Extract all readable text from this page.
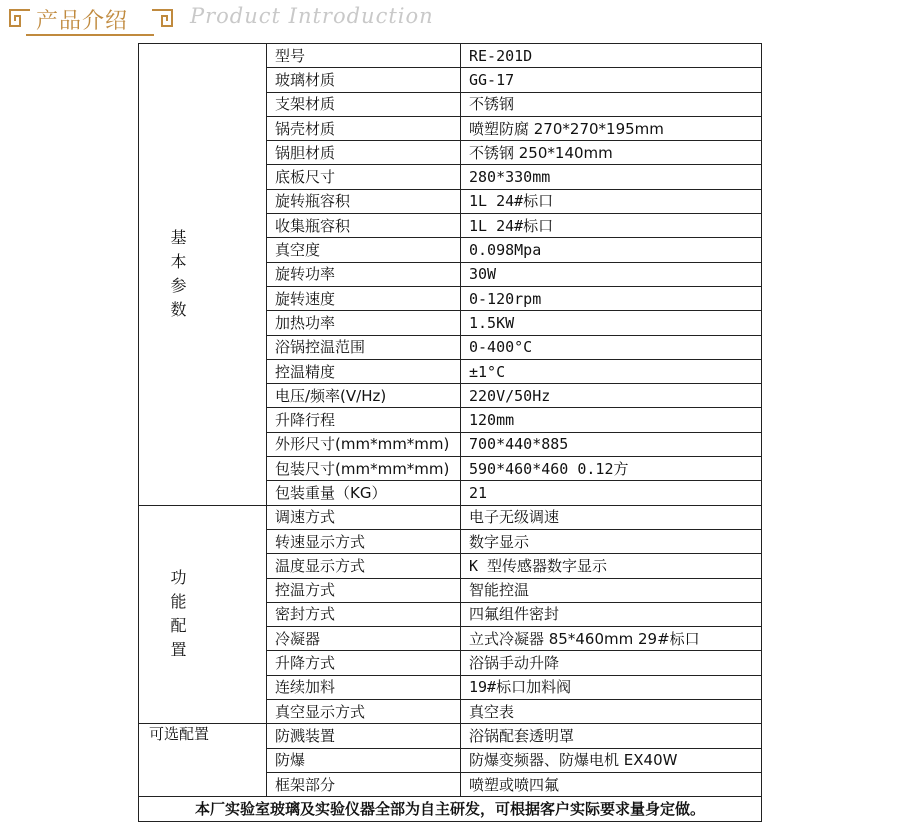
产品介绍	Product Introduction
基本参数	型号	RE-201D
	玻璃材质	GG-17
	支架材质	不锈钢
	锅壳材质	喷塑防腐 270*270*195mm
	锅胆材质	不锈钢 250*140mm
	底板尺寸	280*330mm
	旋转瓶容积	1L 24#标口
	收集瓶容积	1L 24#标口
	真空度	0.098Mpa
	旋转功率	30W
	旋转速度	0-120rpm
	加热功率	1.5KW
	浴锅控温范围	0-400°C
	控温精度	±1°C
	电压/频率(V/Hz)	220V/50Hz
	升降行程	120mm
	外形尺寸(mm*mm*mm)	700*440*885
	包装尺寸(mm*mm*mm)	590*460*460 0.12方
	包装重量（KG）	21
功能配置	调速方式	电子无级调速
	转速显示方式	数字显示
	温度显示方式	K 型传感器数字显示
	控温方式	智能控温
	密封方式	四氟组件密封
	冷凝器	立式冷凝器 85*460mm 29#标口
	升降方式	浴锅手动升降
	连续加料	19#标口加料阀
	真空显示方式	真空表
可选配置	防溅装置	浴锅配套透明罩
	防爆	防爆变频器、防爆电机 EX40W
	框架部分	喷塑或喷四氟
本厂实验室玻璃及实验仪器全部为自主研发，可根据客户实际要求量身定做。		
